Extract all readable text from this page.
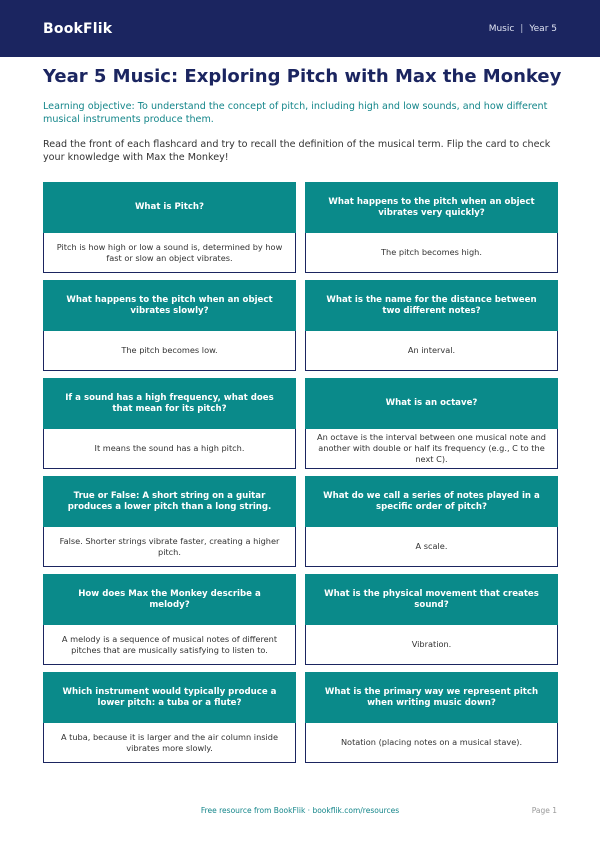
BookFlik	Music | Year 5
Year 5 Music: Exploring Pitch with Max the Monkey

Learning objective: To understand the concept of pitch, including high and low sounds, and how different musical instruments produce them.

Read the front of each flashcard and try to recall the definition of the musical term. Flip the card to check your knowledge with Max the Monkey!

What is Pitch?
Pitch is how high or low a sound is, determined by how fast or slow an object vibrates.
What happens to the pitch when an object vibrates very quickly?
The pitch becomes high.
What happens to the pitch when an object vibrates slowly?
The pitch becomes low.
What is the name for the distance between two different notes?
An interval.
If a sound has a high frequency, what does that mean for its pitch?
It means the sound has a high pitch.
What is an octave?
An octave is the interval between one musical note and another with double or half its frequency (e.g., C to the next C).
True or False: A short string on a guitar produces a lower pitch than a long string.
False. Shorter strings vibrate faster, creating a higher pitch.
What do we call a series of notes played in a specific order of pitch?
A scale.
How does Max the Monkey describe a melody?
A melody is a sequence of musical notes of different pitches that are musically satisfying to listen to.
What is the physical movement that creates sound?
Vibration.
Which instrument would typically produce a lower pitch: a tuba or a flute?
A tuba, because it is larger and the air column inside vibrates more slowly.
What is the primary way we represent pitch when writing music down?
Notation (placing notes on a musical stave).
Free resource from BookFlik · bookflik.com/resources	Page 1
